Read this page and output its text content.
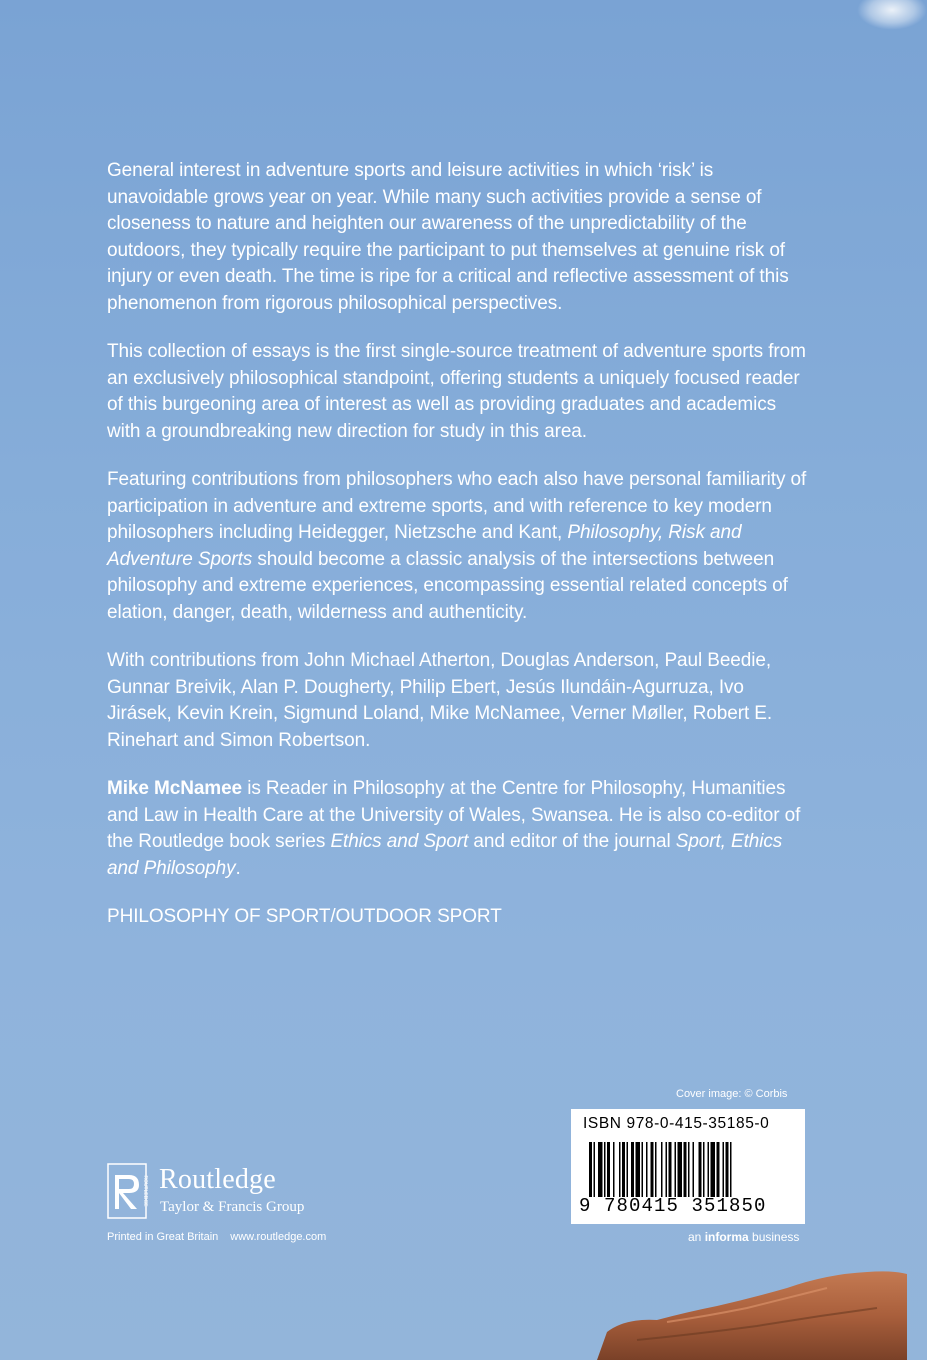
General interest in adventure sports and leisure activities in which ‘risk’ is unavoidable grows year on year. While many such activities provide a sense of closeness to nature and heighten our awareness of the unpredictability of the outdoors, they typically require the participant to put themselves at genuine risk of injury or even death. The time is ripe for a critical and reflective assessment of this phenomenon from rigorous philosophical perspectives.

This collection of essays is the first single-source treatment of adventure sports from an exclusively philosophical standpoint, offering students a uniquely focused reader of this burgeoning area of interest as well as providing graduates and academics with a groundbreaking new direction for study in this area.

Featuring contributions from philosophers who each also have personal familiarity of participation in adventure and extreme sports, and with reference to key modern philosophers including Heidegger, Nietzsche and Kant, Philosophy, Risk and Adventure Sports should become a classic analysis of the intersections between philosophy and extreme experiences, encompassing essential related concepts of elation, danger, death, wilderness and authenticity.

With contributions from John Michael Atherton, Douglas Anderson, Paul Beedie, Gunnar Breivik, Alan P. Dougherty, Philip Ebert, Jesús Ilundáin-Agurruza, Ivo Jirásek, Kevin Krein, Sigmund Loland, Mike McNamee, Verner Møller, Robert E. Rinehart and Simon Robertson.

Mike McNamee is Reader in Philosophy at the Centre for Philosophy, Humanities and Law in Health Care at the University of Wales, Swansea. He is also co-editor of the Routledge book series Ethics and Sport and editor of the journal Sport, Ethics and Philosophy.

PHILOSOPHY OF SPORT/OUTDOOR SPORT

Cover image: © Corbis
ISBN 978-0-415-35185-0
9 780415 351850
an informa business
ROUTLEDGE Routledge
Taylor & Francis Group
Printed in Great Britain www.routledge.com
